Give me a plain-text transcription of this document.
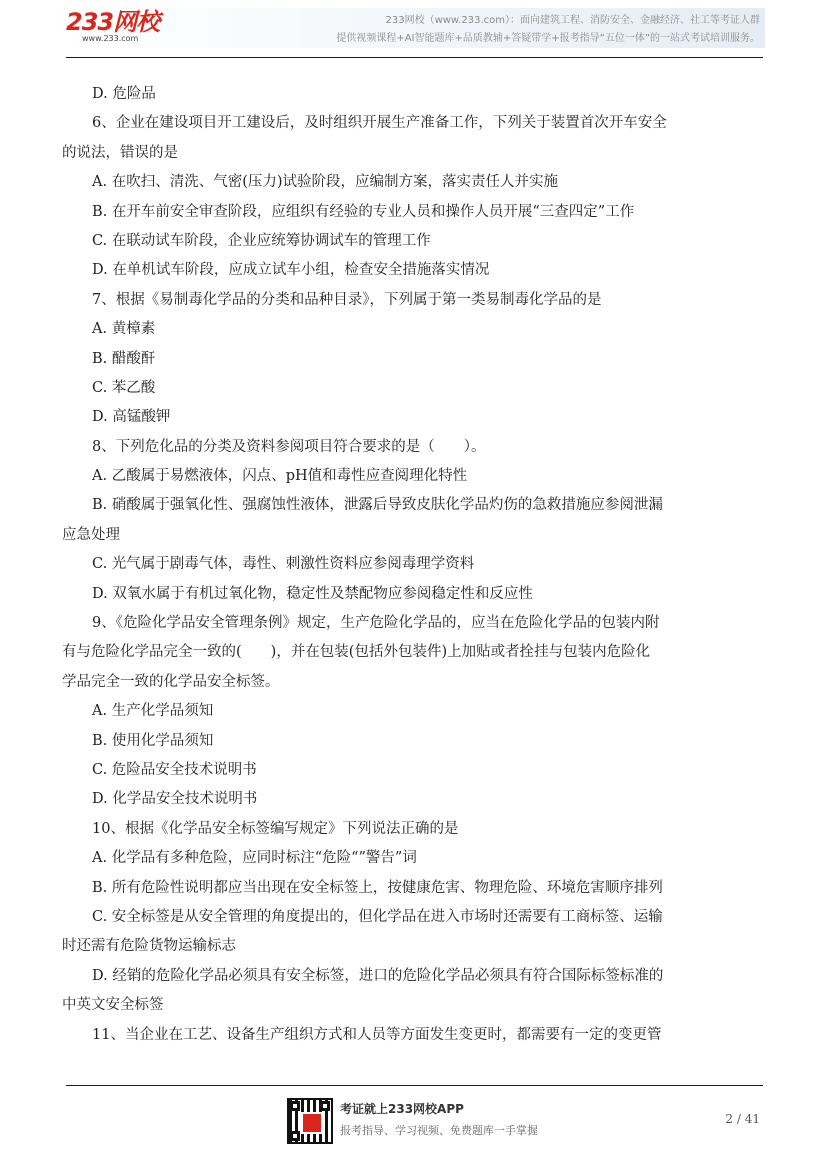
233网校
www.233.com
233网校（www.233.com）：面向建筑工程、消防安全、金融经济、社工等考证人群
提供视频课程+AI智能题库+品质教辅+答疑带学+报考指导“五位一体”的一站式考试培训服务。
D. 危险品
6、企业在建设项目开工建设后，及时组织开展生产准备工作，下列关于装置首次开车安全
的说法，错误的是
A. 在吹扫、清洗、气密(压力)试验阶段，应编制方案，落实责任人并实施
B. 在开车前安全审查阶段，应组织有经验的专业人员和操作人员开展“三查四定”工作
C. 在联动试车阶段，企业应统筹协调试车的管理工作
D. 在单机试车阶段，应成立试车小组，检查安全措施落实情况
7、根据《易制毒化学品的分类和品种目录》，下列属于第一类易制毒化学品的是
A. 黄樟素
B. 醋酸酐
C. 苯乙酸
D. 高锰酸钾
8、下列危化品的分类及资料参阅项目符合要求的是（　　）。
A. 乙酸属于易燃液体，闪点、pH值和毒性应查阅理化特性
B. 硝酸属于强氧化性、强腐蚀性液体，泄露后导致皮肤化学品灼伤的急救措施应参阅泄漏
应急处理
C. 光气属于剧毒气体，毒性、刺激性资料应参阅毒理学资料
D. 双氧水属于有机过氧化物，稳定性及禁配物应参阅稳定性和反应性
9、《危险化学品安全管理条例》规定，生产危险化学品的，应当在危险化学品的包装内附
有与危险化学品完全一致的(　　)，并在包装(包括外包装件)上加贴或者拴挂与包装内危险化
学品完全一致的化学品安全标签。
A. 生产化学品须知
B. 使用化学品须知
C. 危险品安全技术说明书
D. 化学品安全技术说明书
10、根据《化学品安全标签编写规定》下列说法正确的是
A. 化学品有多种危险，应同时标注“危险“”警告”词
B. 所有危险性说明都应当出现在安全标签上，按健康危害、物理危险、环境危害顺序排列
C. 安全标签是从安全管理的角度提出的，但化学品在进入市场时还需要有工商标签、运输
时还需有危险货物运输标志
D. 经销的危险化学品必须具有安全标签，进口的危险化学品必须具有符合国际标签标准的
中英文安全标签
11、当企业在工艺、设备生产组织方式和人员等方面发生变更时，都需要有一定的变更管
考证就上233网校APP
报考指导、学习视频、免费题库一手掌握
2 / 41
